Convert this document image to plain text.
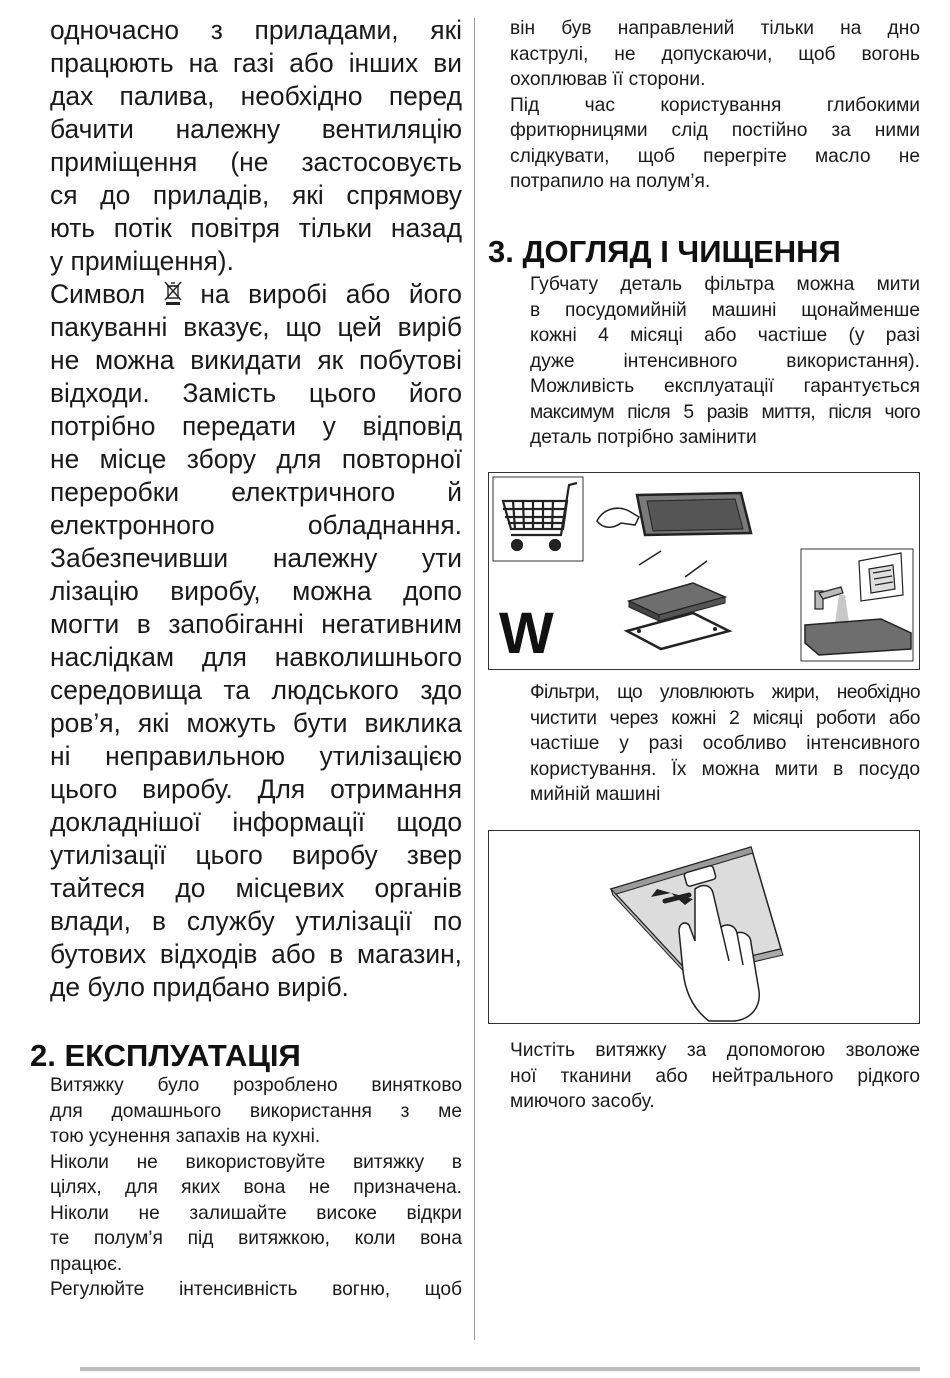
одночасно з приладами, які

працюють на газі або інших ви

дах палива, необхідно перед

бачити належну вентиляцію

приміщення (не застосовуєть

ся до приладів, які спрямову

ють потік повітря тільки назад

у приміщення).

Символ на виробі або його

пакуванні вказує, що цей виріб

не можна викидати як побутові

відходи. Замість цього його

потрібно передати у відповід

не місце збору для повторної

переробки електричного й

електронного обладнання.

Забезпечивши належну ути

лізацію виробу, можна допо

могти в запобіганні негативним

наслідкам для навколишнього

середовища та людського здо

ров’я, які можуть бути виклика

ні неправильною утилізацією

цього виробу. Для отримання

докладнішої інформації щодо

утилізації цього виробу звер

тайтеся до місцевих органів

влади, в службу утилізації по

бутових відходів або в магазин,

де було придбано виріб.

2. ЕКСПЛУАТАЦІЯ

Витяжку було розроблено винятково

для домашнього використання з ме

тою усунення запахів на кухні.

Ніколи не використовуйте витяжку в

цілях, для яких вона не призначена.

Ніколи не залишайте високе відкри

те полум’я під витяжкою, коли вона

працює.

Регулюйте інтенсивність вогню, щоб

він був направлений тільки на дно

каструлі, не допускаючи, щоб вогонь

охоплював її сторони.

Під час користування глибокими

фритюрницями слід постійно за ними

слідкувати, щоб перегріте масло не

потрапило на полум’я.

3. ДОГЛЯД І ЧИЩЕННЯ

Губчату деталь фільтра можна мити

в посудомийній машині щонайменше

кожні 4 місяці або частіше (у разі

дуже інтенсивного використання).

Можливість експлуатації гарантується

максимум після 5 разів миття, після чого

деталь потрібно замінити

W

Фільтри, що уловлюють жири, необхідно

чистити через кожні 2 місяці роботи або

частіше у разі особливо інтенсивного

користування. Їх можна мити в посудо

мийній машині

Чистіть витяжку за допомогою зволоже

ної тканини або нейтрального рідкого

миючого засобу.
